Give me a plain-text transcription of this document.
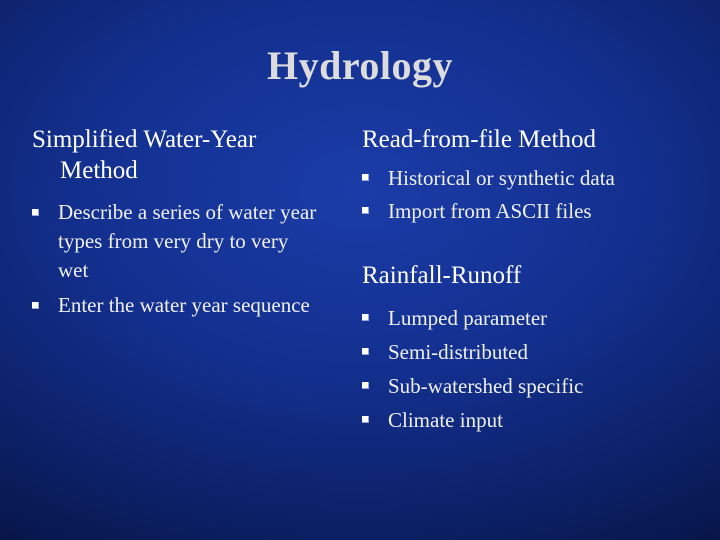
Hydrology

Simplified Water-Year
Method

Describe a series of water year types from very dry to very wet
Enter the water year sequence

Read-from-file Method

Historical or synthetic data
Import from ASCII files

Rainfall-Runoff

Lumped parameter
Semi-distributed
Sub-watershed specific
Climate input
